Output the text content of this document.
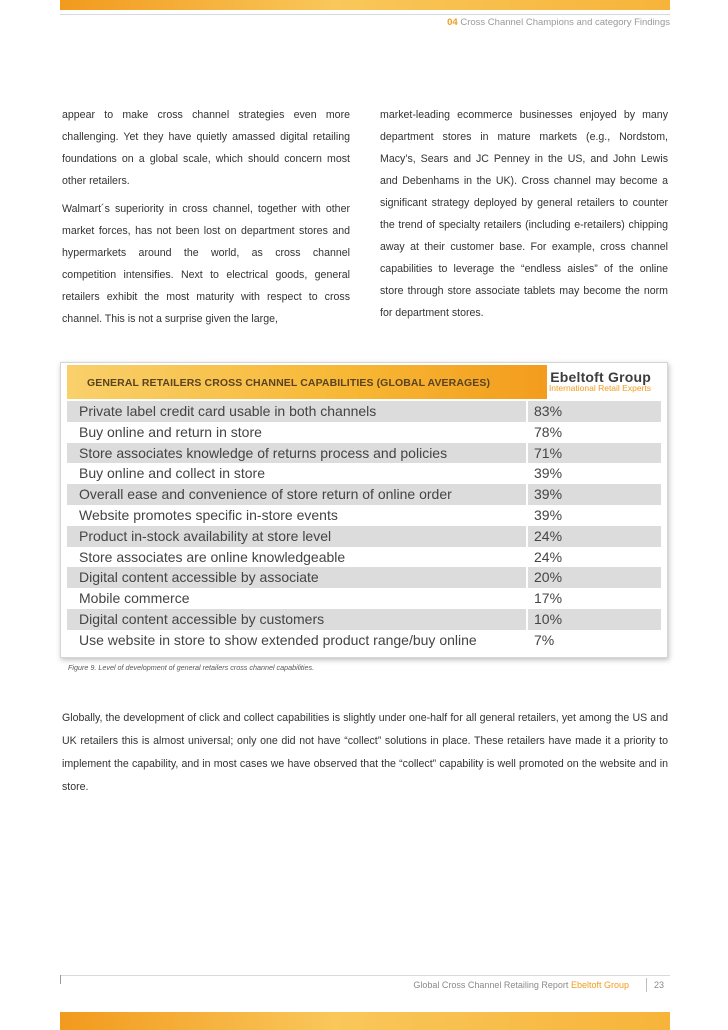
04 Cross Channel Champions and category Findings

appear to make cross channel strategies even more challenging. Yet they have quietly amassed digital retailing foundations on a global scale, which should concern most other retailers.

Walmart´s superiority in cross channel, together with other market forces, has not been lost on department stores and hypermarkets around the world, as cross channel competition intensifies. Next to electrical goods, general retailers exhibit the most maturity with respect to cross channel. This is not a surprise given the large,

market-leading ecommerce businesses enjoyed by many department stores in mature markets (e.g., Nordstom, Macy’s, Sears and JC Penney in the US, and John Lewis and Debenhams in the UK). Cross channel may become a significant strategy deployed by general retailers to counter the trend of specialty retailers (including e-retailers) chipping away at their customer base. For example, cross channel capabilities to leverage the “endless aisles” of the online store through store associate tablets may become the norm for department stores.

GENERAL RETAILERS CROSS CHANNEL CAPABILITIES (GLOBAL AVERAGES)	Ebeltoft Group
International Retail Experts
Private label credit card usable in both channels	83%
Buy online and return in store	78%
Store associates knowledge of returns process and policies	71%
Buy online and collect in store	39%
Overall ease and convenience of store return of online order	39%
Website promotes specific in-store events	39%
Product in-stock availability at store level	24%
Store associates are online knowledgeable	24%
Digital content accessible by associate	20%
Mobile commerce	17%
Digital content accessible by customers	10%
Use website in store to show extended product range/buy online	7%
Figure 9. Level of development of general retailers cross channel capabilities.

Globally, the development of click and collect capabilities is slightly under one-half for all general retailers, yet among the US and UK retailers this is almost universal; only one did not have “collect” solutions in place. These retailers have made it a priority to implement the capability, and in most cases we have observed that the “collect” capability is well promoted on the website and in store.

Global Cross Channel Retailing Report Ebeltoft Group	23
